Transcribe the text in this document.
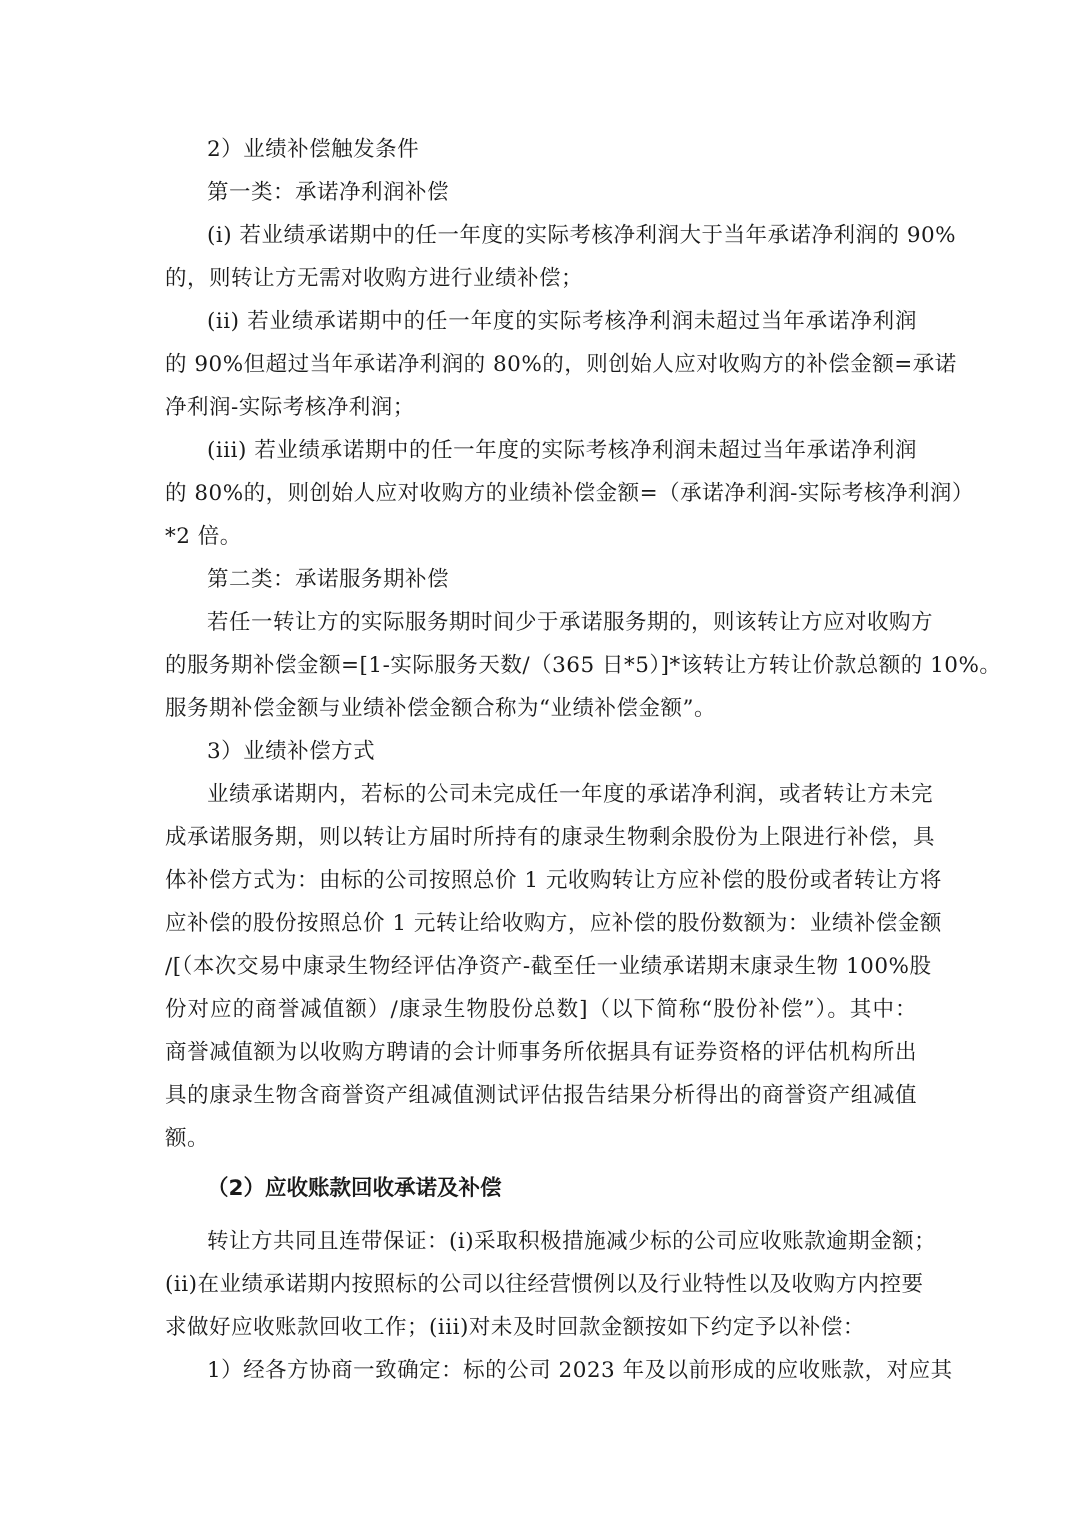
2）业绩补偿触发条件
第一类：承诺净利润补偿
(i) 若业绩承诺期中的任一年度的实际考核净利润大于当年承诺净利润的 90%
的，则转让方无需对收购方进行业绩补偿；
(ii) 若业绩承诺期中的任一年度的实际考核净利润未超过当年承诺净利润
的 90%但超过当年承诺净利润的 80%的，则创始人应对收购方的补偿金额=承诺
净利润-实际考核净利润；
(iii) 若业绩承诺期中的任一年度的实际考核净利润未超过当年承诺净利润
的 80%的，则创始人应对收购方的业绩补偿金额=（承诺净利润-实际考核净利润）
*2 倍。
第二类：承诺服务期补偿
若任一转让方的实际服务期时间少于承诺服务期的，则该转让方应对收购方
的服务期补偿金额=[1-实际服务天数/（365 日*5）]*该转让方转让价款总额的 10%。
服务期补偿金额与业绩补偿金额合称为“业绩补偿金额”。
3）业绩补偿方式
业绩承诺期内，若标的公司未完成任一年度的承诺净利润，或者转让方未完
成承诺服务期，则以转让方届时所持有的康录生物剩余股份为上限进行补偿，具
体补偿方式为：由标的公司按照总价 1 元收购转让方应补偿的股份或者转让方将
应补偿的股份按照总价 1 元转让给收购方，应补偿的股份数额为：业绩补偿金额
/[（本次交易中康录生物经评估净资产-截至任一业绩承诺期末康录生物 100%股
份对应的商誉减值额）/康录生物股份总数]（以下简称“股份补偿”）。其中：
商誉减值额为以收购方聘请的会计师事务所依据具有证券资格的评估机构所出
具的康录生物含商誉资产组减值测试评估报告结果分析得出的商誉资产组减值
额。
（2）应收账款回收承诺及补偿
转让方共同且连带保证：(i)采取积极措施减少标的公司应收账款逾期金额；
(ii)在业绩承诺期内按照标的公司以往经营惯例以及行业特性以及收购方内控要
求做好应收账款回收工作；(iii)对未及时回款金额按如下约定予以补偿：
1）经各方协商一致确定：标的公司 2023 年及以前形成的应收账款，对应其
